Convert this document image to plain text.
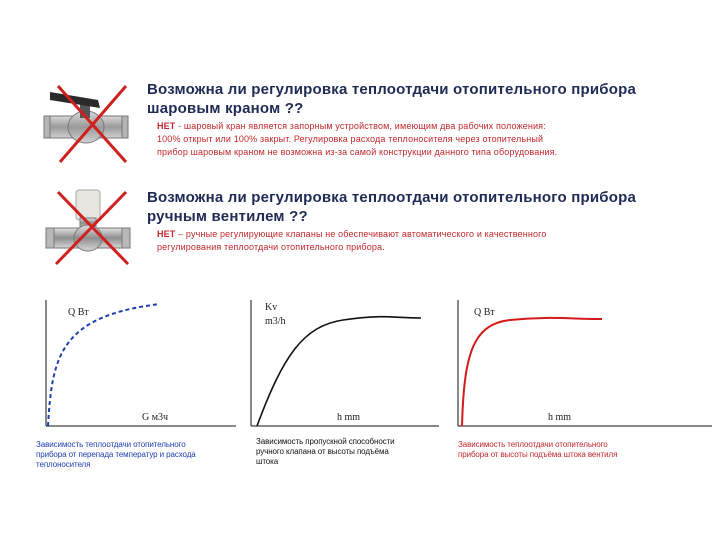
Возможна ли регулировка теплоотдачи отопительного прибора
шаровым краном ??
НЕТ - шаровый кран является запорным устройством, имеющим два рабочих положения:
100% открыт или 100% закрыт. Регулировка расхода теплоносителя через отопительный
прибор шаровым краном не возможна из-за самой конструкции данного типа оборудования.
Возможна ли регулировка теплоотдачи отопительного прибора
ручным вентилем ??
НЕТ – ручные регулирующие клапаны не обеспечивают автоматического и качественного
регулирования теплоотдачи отопительного прибора.
Q Вт
G м3ч
Зависимость теплоотдачи отопительного
прибора от перепада температур и расхода
теплоносителя
Kv
m3/h
h mm
Зависимость пропускной способности
ручного клапана от высоты подъёма
штока
Q Вт
h mm
Зависимость теплоотдачи отопительного
прибора от высоты подъёма штока вентиля
